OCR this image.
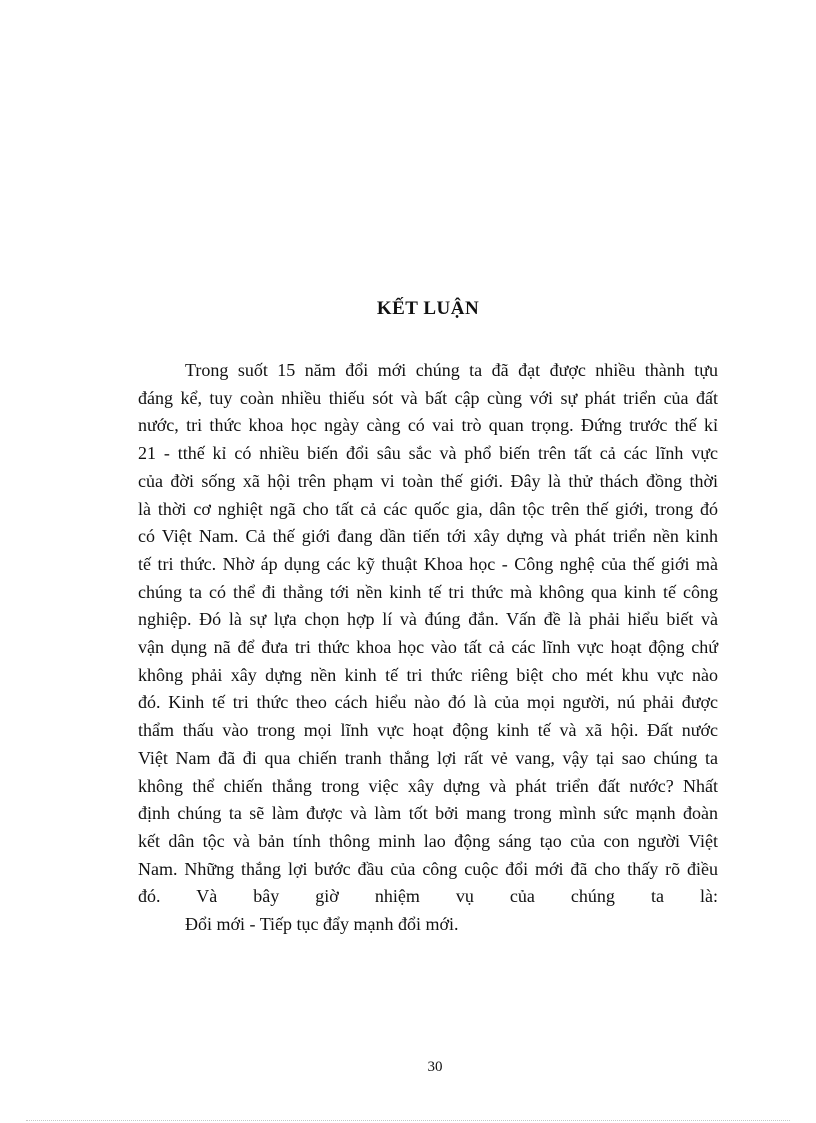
KẾT LUẬN
Trong suốt 15 năm đổi mới chúng ta đã đạt được nhiều thành tựu
đáng kể, tuy coàn nhiều thiếu sót và bất cập cùng với sự phát triển của đất
nước, tri thức khoa học ngày càng có vai trò quan trọng. Đứng trước thế kỉ
21 - tthế kỉ có nhiều biến đổi sâu sắc và phổ biến trên tất cả các lĩnh vực
của đời sống xã hội trên phạm vi toàn thế giới. Đây là thử thách đồng thời
là thời cơ nghiệt ngã cho tất cả các quốc gia, dân tộc trên thế giới, trong đó
có Việt Nam. Cả thế giới đang dần tiến tới xây dựng và phát triển nền kinh
tế tri thức. Nhờ áp dụng các kỹ thuật Khoa học - Công nghệ của thế giới mà
chúng ta có thể đi thẳng tới nền kinh tế tri thức mà không qua kinh tế công
nghiệp. Đó là sự lựa chọn hợp lí và đúng đắn. Vấn đề là phải hiểu biết và
vận dụng nã để đưa tri thức khoa học vào tất cả các lĩnh vực hoạt động chứ
không phải xây dựng nền kinh tế tri thức riêng biệt cho mét khu vực nào
đó. Kinh tế tri thức theo cách hiểu nào đó là của mọi người, nú phải được
thẩm thấu vào trong mọi lĩnh vực hoạt động kinh tế và xã hội. Đất nước
Việt Nam đã đi qua chiến tranh thắng lợi rất vẻ vang, vậy tại sao chúng ta
không thể chiến thắng trong việc xây dựng và phát triển đất nước? Nhất
định chúng ta sẽ làm được và làm tốt bởi mang trong mình sức mạnh đoàn
kết dân tộc và bản tính thông minh lao động sáng tạo của con người Việt
Nam. Những thắng lợi bước đầu của công cuộc đổi mới đã cho thấy rõ điều
đó. Và bây giờ nhiệm vụ của chúng ta là:
Đổi mới - Tiếp tục đẩy mạnh đổi mới.
30
